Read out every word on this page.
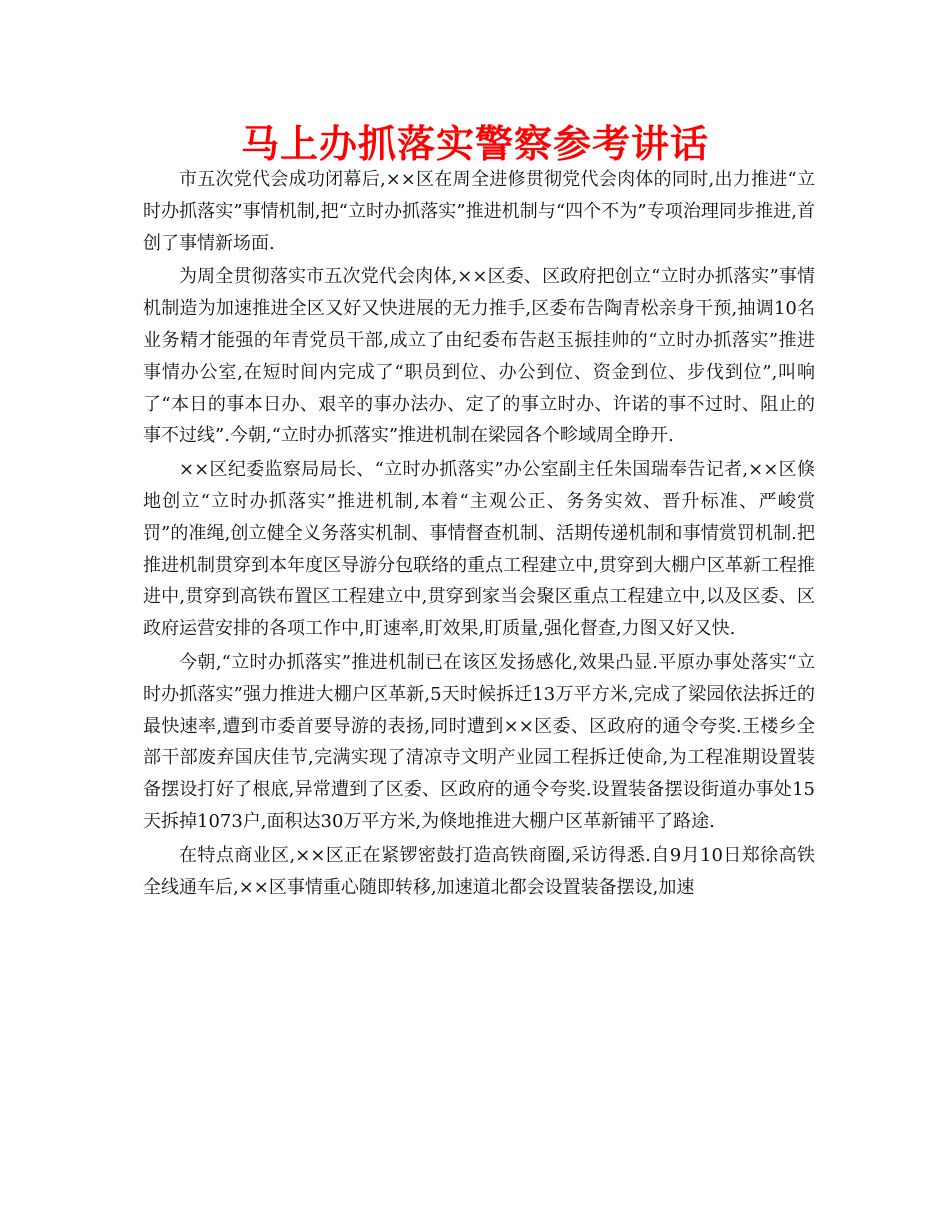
马上办抓落实警察参考讲话

市五次党代会成功闭幕后,××区在周全进修贯彻党代会肉体的同时,出力推进“立时办抓落实”事情机制,把“立时办抓落实”推进机制与“四个不为”专项治理同步推进,首创了事情新场面.

为周全贯彻落实市五次党代会肉体,××区委、区政府把创立“立时办抓落实”事情机制造为加速推进全区又好又快进展的无力推手,区委布告陶青松亲身干预,抽调10名业务精才能强的年青党员干部,成立了由纪委布告赵玉振挂帅的“立时办抓落实”推进事情办公室,在短时间内完成了“职员到位、办公到位、资金到位、步伐到位”,叫响了“本日的事本日办、艰辛的事办法办、定了的事立时办、许诺的事不过时、阻止的事不过线”.今朝,“立时办抓落实”推进机制在梁园各个畛域周全睁开.

××区纪委监察局局长、“立时办抓落实”办公室副主任朱国瑞奉告记者,××区倏地创立“立时办抓落实”推进机制,本着“主观公正、务务实效、晋升标准、严峻赏罚”的准绳,创立健全义务落实机制、事情督查机制、活期传递机制和事情赏罚机制.把推进机制贯穿到本年度区导游分包联络的重点工程建立中,贯穿到大棚户区革新工程推进中,贯穿到高铁布置区工程建立中,贯穿到家当会聚区重点工程建立中,以及区委、区政府运营安排的各项工作中,盯速率,盯效果,盯质量,强化督查,力图又好又快.

今朝,“立时办抓落实”推进机制已在该区发扬感化,效果凸显.平原办事处落实“立时办抓落实”强力推进大棚户区革新,5天时候拆迁13万平方米,完成了梁园依法拆迁的最快速率,遭到市委首要导游的表扬,同时遭到××区委、区政府的通令夸奖.王楼乡全部干部废弃国庆佳节,完满实现了清凉寺文明产业园工程拆迁使命,为工程准期设置装备摆设打好了根底,异常遭到了区委、区政府的通令夸奖.设置装备摆设街道办事处15天拆掉1073户,面积达30万平方米,为倏地推进大棚户区革新铺平了路途.

在特点商业区,××区正在紧锣密鼓打造高铁商圈,采访得悉.自9月10日郑徐高铁全线通车后,××区事情重心随即转移,加速道北都会设置装备摆设,加速
